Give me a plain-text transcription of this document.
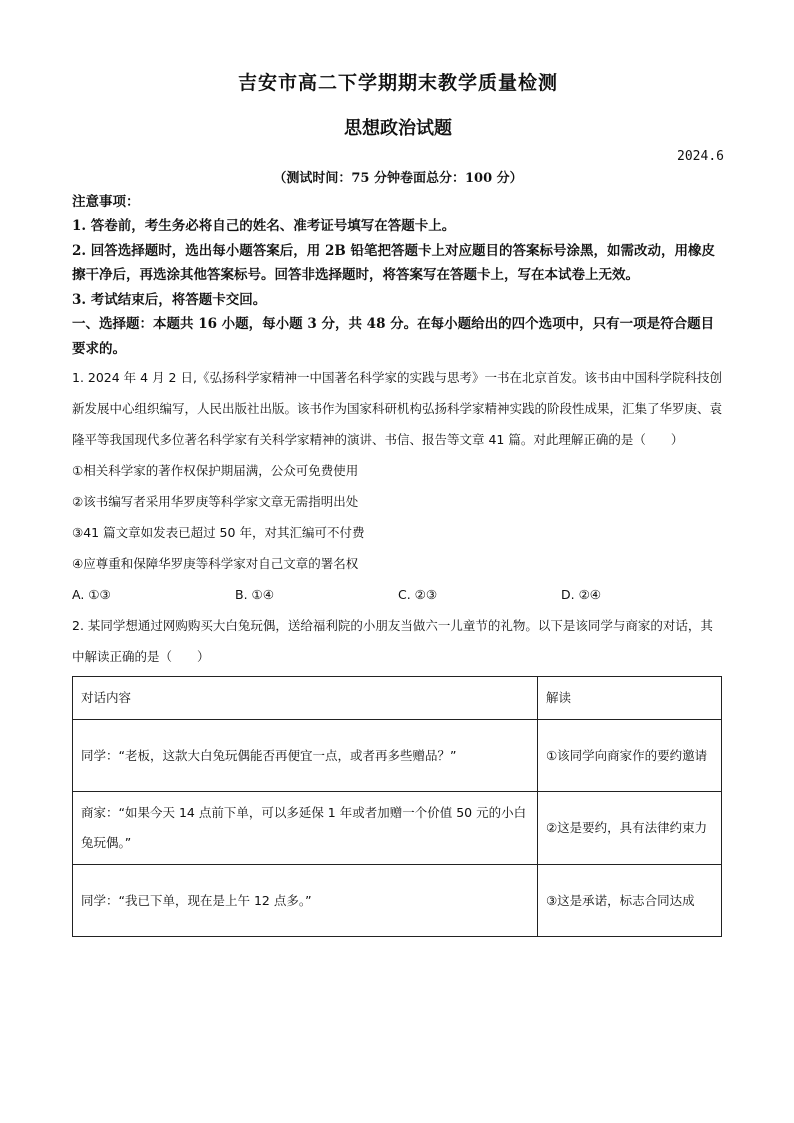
吉安市高二下学期期末教学质量检测
思想政治试题
2024.6
（测试时间：75 分钟卷面总分：100 分）
注意事项：

1. 答卷前，考生务必将自己的姓名、准考证号填写在答题卡上。

2. 回答选择题时，选出每小题答案后，用 2B 铅笔把答题卡上对应题目的答案标号涂黑，如需改动，用橡皮擦干净后，再选涂其他答案标号。回答非选择题时，将答案写在答题卡上，写在本试卷上无效。

3. 考试结束后，将答题卡交回。

一、选择题：本题共 16 小题，每小题 3 分，共 48 分。在每小题给出的四个选项中，只有一项是符合题目要求的。

1. 2024 年 4 月 2 日,《弘扬科学家精神一中国著名科学家的实践与思考》一书在北京首发。该书由中国科学院科技创新发展中心组织编写，人民出版社出版。该书作为国家科研机构弘扬科学家精神实践的阶段性成果，汇集了华罗庚、袁隆平等我国现代多位著名科学家有关科学家精神的演讲、书信、报告等文章 41 篇。对此理解正确的是（　　）

①相关科学家的著作权保护期届满，公众可免费使用
②该书编写者采用华罗庚等科学家文章无需指明出处
③41 篇文章如发表已超过 50 年，对其汇编可不付费
④应尊重和保障华罗庚等科学家对自己文章的署名权
A. ①③	B. ①④	C. ②③	D. ②④

2. 某同学想通过网购购买大白兔玩偶，送给福利院的小朋友当做六一儿童节的礼物。以下是该同学与商家的对话，其中解读正确的是（　　）

对话内容	解读
同学：“老板，这款大白兔玩偶能否再便宜一点，或者再多些赠品？”	①该同学向商家作的要约邀请
商家：“如果今天 14 点前下单，可以多延保 1 年或者加赠一个价值 50 元的小白兔玩偶。”	②这是要约，具有法律约束力
同学：“我已下单，现在是上午 12 点多。”	③这是承诺，标志合同达成
